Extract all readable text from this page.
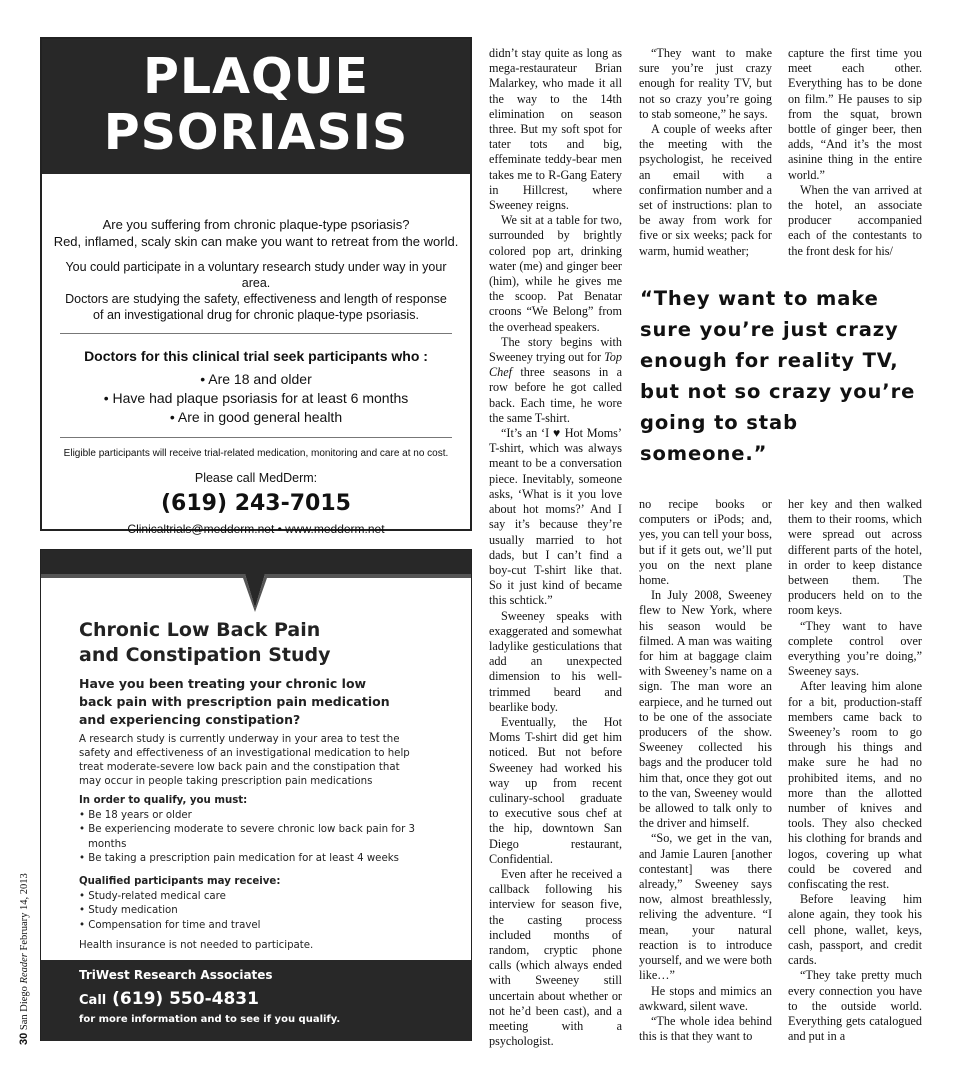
PLAQUE
PSORIASIS
Are you suffering from chronic plaque-type psoriasis?
Red, inflamed, scaly skin can make you want to retreat from the world.
You could participate in a voluntary research study under way in your area.
Doctors are studying the safety, effectiveness and length of response
of an investigational drug for chronic plaque-type psoriasis.
Doctors for this clinical trial seek participants who :
• Are 18 and older
• Have had plaque psoriasis for at least 6 months
• Are in good general health
Eligible participants will receive trial-related medication, monitoring and care at no cost.
Please call MedDerm:
(619) 243-7015
Clinicaltrials@medderm.net • www.medderm.net
Chronic Low Back Pain
and Constipation Study
Have you been treating your chronic low
back pain with prescription pain medication
and experiencing constipation?
A research study is currently underway in your area to test the
safety and effectiveness of an investigational medication to help
treat moderate-severe low back pain and the constipation that
may occur in people taking prescription pain medications
In order to qualify, you must:
• Be 18 years or older
• Be experiencing moderate to severe chronic low back pain for 3 months
• Be taking a prescription pain medication for at least 4 weeks
Qualified participants may receive:
• Study-related medical care
• Study medication
• Compensation for time and travel
Health insurance is not needed to participate.
TriWest Research Associates
Call (619) 550-4831
for more information and to see if you qualify.
30 San Diego Reader February 14, 2013

didn’t stay quite as long as mega-restaurateur Brian Malarkey, who made it all the way to the 14th elimination on season three. But my soft spot for tater tots and big, effeminate teddy-bear men takes me to R-Gang Eatery in Hillcrest, where Sweeney reigns.

We sit at a table for two, surrounded by brightly colored pop art, drinking water (me) and ginger beer (him), while he gives me the scoop. Pat Benatar croons “We Belong” from the overhead speakers.

The story begins with Sweeney trying out for Top Chef three seasons in a row before he got called back. Each time, he wore the same T-shirt.

“It’s an ‘I ♥ Hot Moms’ T-shirt, which was always meant to be a conversation piece. Inevitably, someone asks, ‘What is it you love about hot moms?’ And I say it’s because they’re usually married to hot dads, but I can’t find a boy-cut T-shirt like that. So it just kind of became this schtick.”

Sweeney speaks with exaggerated and somewhat ladylike gesticulations that add an unexpected dimension to his well-trimmed beard and bearlike body.

Eventually, the Hot Moms T-shirt did get him noticed. But not before Sweeney had worked his way up from recent culinary-school graduate to executive sous chef at the hip, downtown San Diego restaurant, Confidential.

Even after he received a callback following his interview for season five, the casting process included months of random, cryptic phone calls (which always ended with Sweeney still uncertain about whether or not he’d been cast), and a meeting with a psychologist.

“They want to make sure you’re just crazy enough for reality TV, but not so crazy you’re going to stab someone,” he says.

A couple of weeks after the meeting with the psychologist, he received an email with a confirmation number and a set of instructions: plan to be away from work for five or six weeks; pack for warm, humid weather;

capture the first time you meet each other. Everything has to be done on film.” He pauses to sip from the squat, brown bottle of ginger beer, then adds, “And it’s the most asinine thing in the entire world.”

When the van arrived at the hotel, an associate producer accompanied each of the contestants to the front desk for his/

“They want to make sure you’re just crazy enough for reality TV, but not so crazy you’re going to stab someone.”

no recipe books or computers or iPods; and, yes, you can tell your boss, but if it gets out, we’ll put you on the next plane home.

In July 2008, Sweeney flew to New York, where his season would be filmed. A man was waiting for him at baggage claim with Sweeney’s name on a sign. The man wore an earpiece, and he turned out to be one of the associate producers of the show. Sweeney collected his bags and the producer told him that, once they got out to the van, Sweeney would be allowed to talk only to the driver and himself.

“So, we get in the van, and Jamie Lauren [another contestant] was there already,” Sweeney says now, almost breathlessly, reliving the adventure. “I mean, your natural reaction is to introduce yourself, and we were both like…”

He stops and mimics an awkward, silent wave.

“The whole idea behind this is that they want to

her key and then walked them to their rooms, which were spread out across different parts of the hotel, in order to keep distance between them. The producers held on to the room keys.

“They want to have complete control over everything you’re doing,” Sweeney says.

After leaving him alone for a bit, production-staff members came back to Sweeney’s room to go through his things and make sure he had no prohibited items, and no more than the allotted number of knives and tools. They also checked his clothing for brands and logos, covering up what could be covered and confiscating the rest.

Before leaving him alone again, they took his cell phone, wallet, keys, cash, passport, and credit cards.

“They take pretty much every connection you have to the outside world. Everything gets catalogued and put in a
